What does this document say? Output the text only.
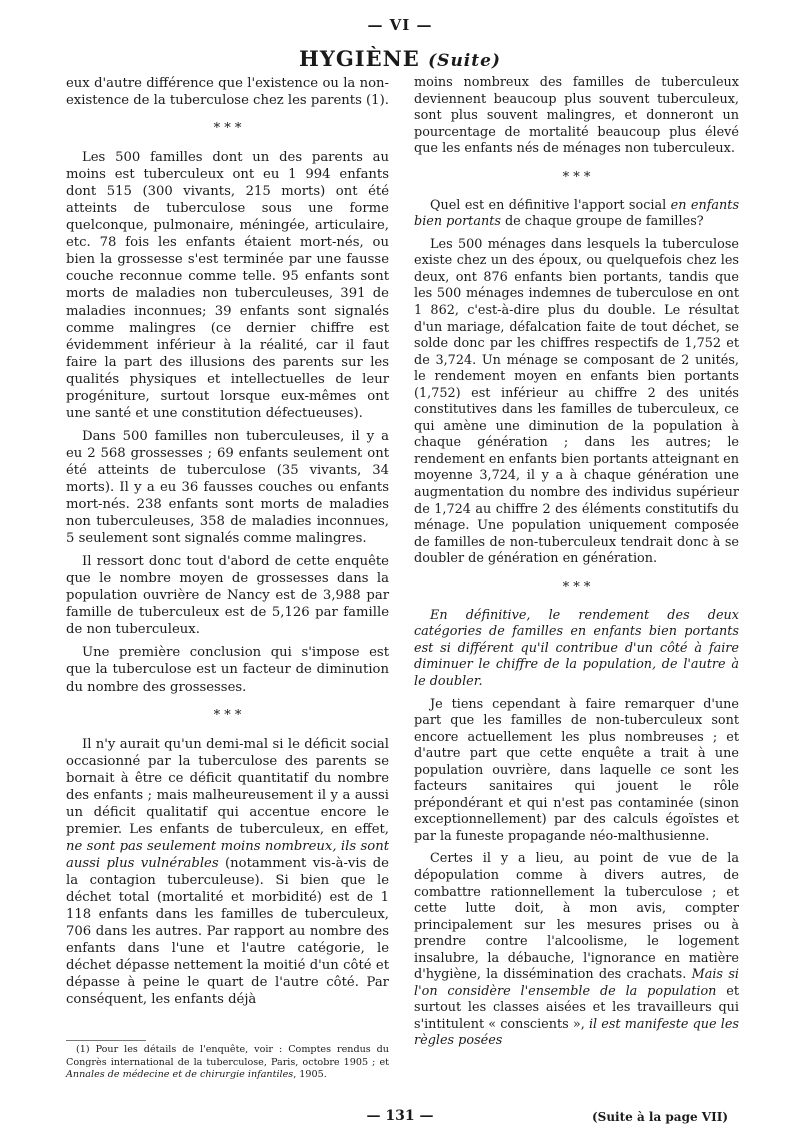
— VI —
HYGIÈNE (Suite)

eux d'autre différence que l'existence ou la non-existence de la tuberculose chez les parents (1).

* * *

Les 500 familles dont un des parents au moins est tuberculeux ont eu 1 994 enfants dont 515 (300 vivants, 215 morts) ont été atteints de tuberculose sous une forme quelconque, pulmonaire, méningée, articulaire, etc. 78 fois les enfants étaient mort-nés, ou bien la grossesse s'est terminée par une fausse couche reconnue comme telle. 95 enfants sont morts de maladies non tuberculeuses, 391 de maladies inconnues; 39 enfants sont signalés comme malingres (ce dernier chiffre est évidemment inférieur à la réalité, car il faut faire la part des illusions des parents sur les qualités physiques et intellectuelles de leur progéniture, surtout lorsque eux-mêmes ont une santé et une constitution défectueuses).

Dans 500 familles non tuberculeuses, il y a eu 2 568 grossesses ; 69 enfants seulement ont été atteints de tuberculose (35 vivants, 34 morts). Il y a eu 36 fausses couches ou enfants mort-nés. 238 enfants sont morts de maladies non tuberculeuses, 358 de maladies inconnues, 5 seulement sont signalés comme malingres.

Il ressort donc tout d'abord de cette enquête que le nombre moyen de grossesses dans la population ouvrière de Nancy est de 3,988 par famille de tuberculeux est de 5,126 par famille de non tuberculeux.

Une première conclusion qui s'impose est que la tuberculose est un facteur de diminution du nombre des grossesses.

* * *

Il n'y aurait qu'un demi-mal si le déficit social occasionné par la tuberculose des parents se bornait à être ce déficit quantitatif du nombre des enfants ; mais malheureusement il y a aussi un déficit qualitatif qui accentue encore le premier. Les enfants de tuberculeux, en effet, ne sont pas seulement moins nombreux, ils sont aussi plus vulnérables (notamment vis-à-vis de la contagion tuberculeuse). Si bien que le déchet total (mortalité et morbidité) est de 1 118 enfants dans les familles de tuberculeux, 706 dans les autres. Par rapport au nombre des enfants dans l'une et l'autre catégorie, le déchet dépasse nettement la moitié d'un côté et dépasse à peine le quart de l'autre côté. Par conséquent, les enfants déjà

moins nombreux des familles de tuberculeux deviennent beaucoup plus souvent tuberculeux, sont plus souvent malingres, et donneront un pourcentage de mortalité beaucoup plus élevé que les enfants nés de ménages non tuberculeux.

* * *

Quel est en définitive l'apport social en enfants bien portants de chaque groupe de familles?

Les 500 ménages dans lesquels la tuberculose existe chez un des époux, ou quelquefois chez les deux, ont 876 enfants bien portants, tandis que les 500 ménages indemnes de tuberculose en ont 1 862, c'est-à-dire plus du double. Le résultat d'un mariage, défalcation faite de tout déchet, se solde donc par les chiffres respectifs de 1,752 et de 3,724. Un ménage se composant de 2 unités, le rendement moyen en enfants bien portants (1,752) est inférieur au chiffre 2 des unités constitutives dans les familles de tuberculeux, ce qui amène une diminution de la population à chaque génération ; dans les autres; le rendement en enfants bien portants atteignant en moyenne 3,724, il y a à chaque génération une augmentation du nombre des individus supérieur de 1,724 au chiffre 2 des éléments constitutifs du ménage. Une population uniquement composée de familles de non-tuberculeux tendrait donc à se doubler de génération en génération.

* * *

En définitive, le rendement des deux catégories de familles en enfants bien portants est si différent qu'il contribue d'un côté à faire diminuer le chiffre de la population, de l'autre à le doubler.

Je tiens cependant à faire remarquer d'une part que les familles de non-tuberculeux sont encore actuellement les plus nombreuses ; et d'autre part que cette enquête a trait à une population ouvrière, dans laquelle ce sont les facteurs sanitaires qui jouent le rôle prépondérant et qui n'est pas contaminée (sinon exceptionnellement) par des calculs égoïstes et par la funeste propagande néo-malthusienne.

Certes il y a lieu, au point de vue de la dépopulation comme à divers autres, de combattre rationnellement la tuberculose ; et cette lutte doit, à mon avis, compter principalement sur les mesures prises ou à prendre contre l'alcoolisme, le logement insalubre, la débauche, l'ignorance en matière d'hygiène, la dissémination des crachats. Mais si l'on considère l'ensemble de la population et surtout les classes aisées et les travailleurs qui s'intitulent « conscients », il est manifeste que les règles posées

(1) Pour les détails de l'enquête, voir : Comptes rendus du Congrès international de la tuberculose, Paris, octobre 1905 ; et Annales de médecine et de chirurgie infantiles, 1905.

— 131 —	(Suite à la page VII)
